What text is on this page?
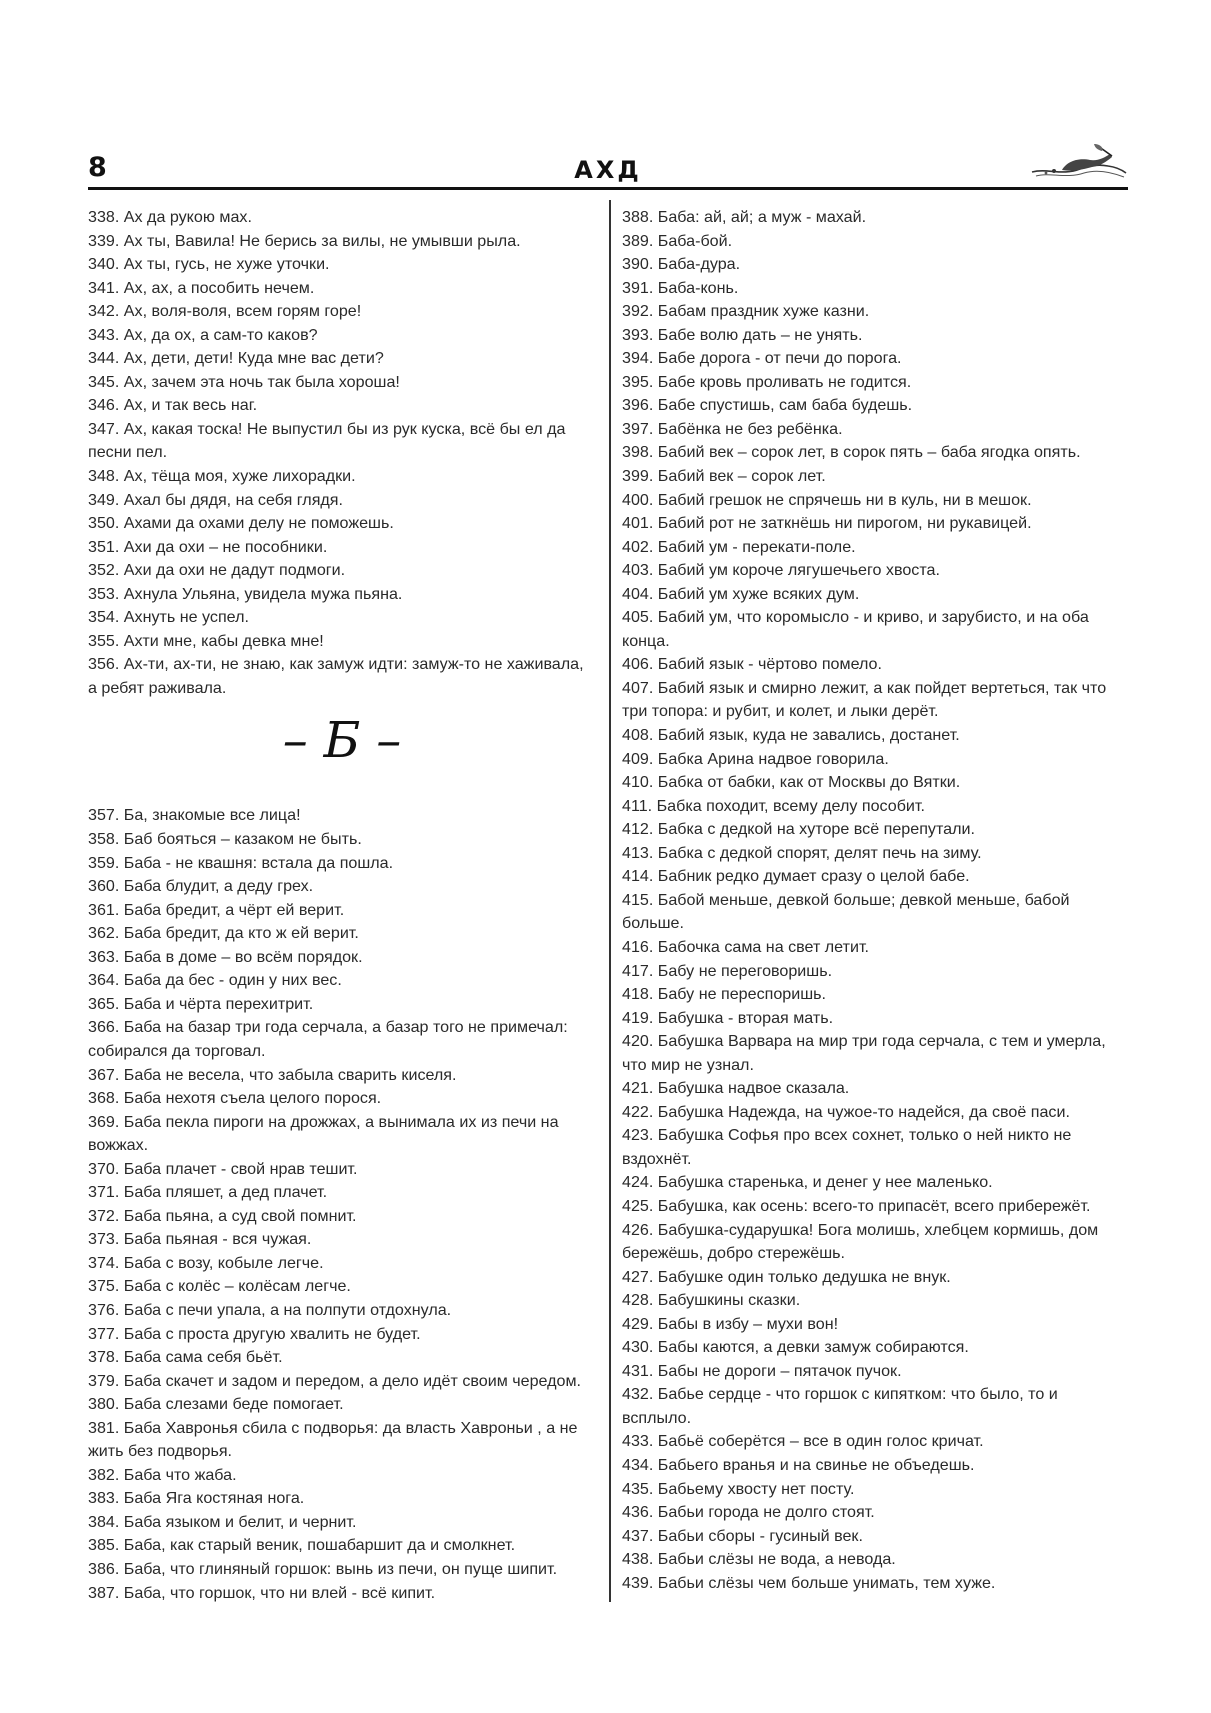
8	АХД

338. Ах да рукою мах.

339. Ах ты, Вавила! Не берись за вилы, не умывши рыла.

340. Ах ты, гусь, не хуже уточки.

341. Ах, ах, а пособить нечем.

342. Ах, воля-воля, всем горям горе!

343. Ах, да ох, а сам-то каков?

344. Ах, дети, дети! Куда мне вас дети?

345. Ах, зачем эта ночь так была хороша!

346. Ах, и так весь наг.

347. Ах, какая тоска! Не выпустил бы из рук куска, всё бы ел да песни пел.

348. Ах, тёща моя, хуже лихорадки.

349. Ахал бы дядя, на себя глядя.

350. Ахами да охами делу не поможешь.

351. Ахи да охи – не пособники.

352. Ахи да охи не дадут подмоги.

353. Ахнула Ульяна, увидела мужа пьяна.

354. Ахнуть не успел.

355. Ахти мне, кабы девка мне!

356. Ах-ти, ах-ти, не знаю, как замуж идти: замуж-то не хаживала, а ребят раживала.

– Б –

357. Ба, знакомые все лица!

358. Баб бояться – казаком не быть.

359. Баба - не квашня: встала да пошла.

360. Баба блудит, а деду грех.

361. Баба бредит, а чёрт ей верит.

362. Баба бредит, да кто ж ей верит.

363. Баба в доме – во всём порядок.

364. Баба да бес - один у них вес.

365. Баба и чёрта перехитрит.

366. Баба на базар три года серчала, а базар того не примечал: собирался да торговал.

367. Баба не весела, что забыла сварить киселя.

368. Баба нехотя съела целого порося.

369. Баба пекла пироги на дрожжах, а вынимала их из печи на вожжах.

370. Баба плачет - свой нрав тешит.

371. Баба пляшет, а дед плачет.

372. Баба пьяна, а суд свой помнит.

373. Баба пьяная - вся чужая.

374. Баба с возу, кобыле легче.

375. Баба с колёс – колёсам легче.

376. Баба с печи упала, а на полпути отдохнула.

377. Баба с проста другую хвалить не будет.

378. Баба сама себя бьёт.

379. Баба скачет и задом и передом, а дело идёт своим чередом.

380. Баба слезами беде помогает.

381. Баба Хавронья сбила с подворья: да власть Хавроньи , а не жить без подворья.

382. Баба что жаба.

383. Баба Яга костяная нога.

384. Баба языком и белит, и чернит.

385. Баба, как старый веник, пошабаршит да и смолкнет.

386. Баба, что глиняный горшок: вынь из печи, он пуще шипит.

387. Баба, что горшок, что ни влей - всё кипит.

388. Баба: ай, ай; а муж - махай.

389. Баба-бой.

390. Баба-дура.

391. Баба-конь.

392. Бабам праздник хуже казни.

393. Бабе волю дать – не унять.

394. Бабе дорога - от печи до порога.

395. Бабе кровь проливать не годится.

396. Бабе спустишь, сам баба будешь.

397. Бабёнка не без ребёнка.

398. Бабий век – сорок лет, в сорок пять – баба ягодка опять.

399. Бабий век – сорок лет.

400. Бабий грешок не спрячешь ни в куль, ни в мешок.

401. Бабий рот не заткнёшь ни пирогом, ни рукавицей.

402. Бабий ум - перекати-поле.

403. Бабий ум короче лягушечьего хвоста.

404. Бабий ум хуже всяких дум.

405. Бабий ум, что коромысло - и криво, и зарубисто, и на оба конца.

406. Бабий язык - чёртово помело.

407. Бабий язык и смирно лежит, а как пойдет вертеться, так что три топора: и рубит, и колет, и лыки дерёт.

408. Бабий язык, куда не завались, достанет.

409. Бабка Арина надвое говорила.

410. Бабка от бабки, как от Москвы до Вятки.

411. Бабка походит, всему делу пособит.

412. Бабка с дедкой на хуторе всё перепутали.

413. Бабка с дедкой спорят, делят печь на зиму.

414. Бабник редко думает сразу о целой бабе.

415. Бабой меньше, девкой больше; девкой меньше, бабой больше.

416. Бабочка сама на свет летит.

417. Бабу не переговоришь.

418. Бабу не переспоришь.

419. Бабушка - вторая мать.

420. Бабушка Варвара на мир три года серчала, с тем и умерла, что мир не узнал.

421. Бабушка надвое сказала.

422. Бабушка Надежда, на чужое-то надейся, да своё паси.

423. Бабушка Софья про всех сохнет, только о ней никто не вздохнёт.

424. Бабушка старенька, и денег у нее маленько.

425. Бабушка, как осень: всего-то припасёт, всего прибережёт.

426. Бабушка-сударушка! Бога молишь, хлебцем кормишь, дом бережёшь, добро стережёшь.

427. Бабушке один только дедушка не внук.

428. Бабушкины сказки.

429. Бабы в избу – мухи вон!

430. Бабы каются, а девки замуж собираются.

431. Бабы не дороги – пятачок пучок.

432. Бабье сердце - что горшок с кипятком: что было, то и всплыло.

433. Бабьё соберётся – все в один голос кричат.

434. Бабьего вранья и на свинье не объедешь.

435. Бабьему хвосту нет посту.

436. Бабьи города не долго стоят.

437. Бабьи сборы - гусиный век.

438. Бабьи слёзы не вода, а невода.

439. Бабьи слёзы чем больше унимать, тем хуже.
